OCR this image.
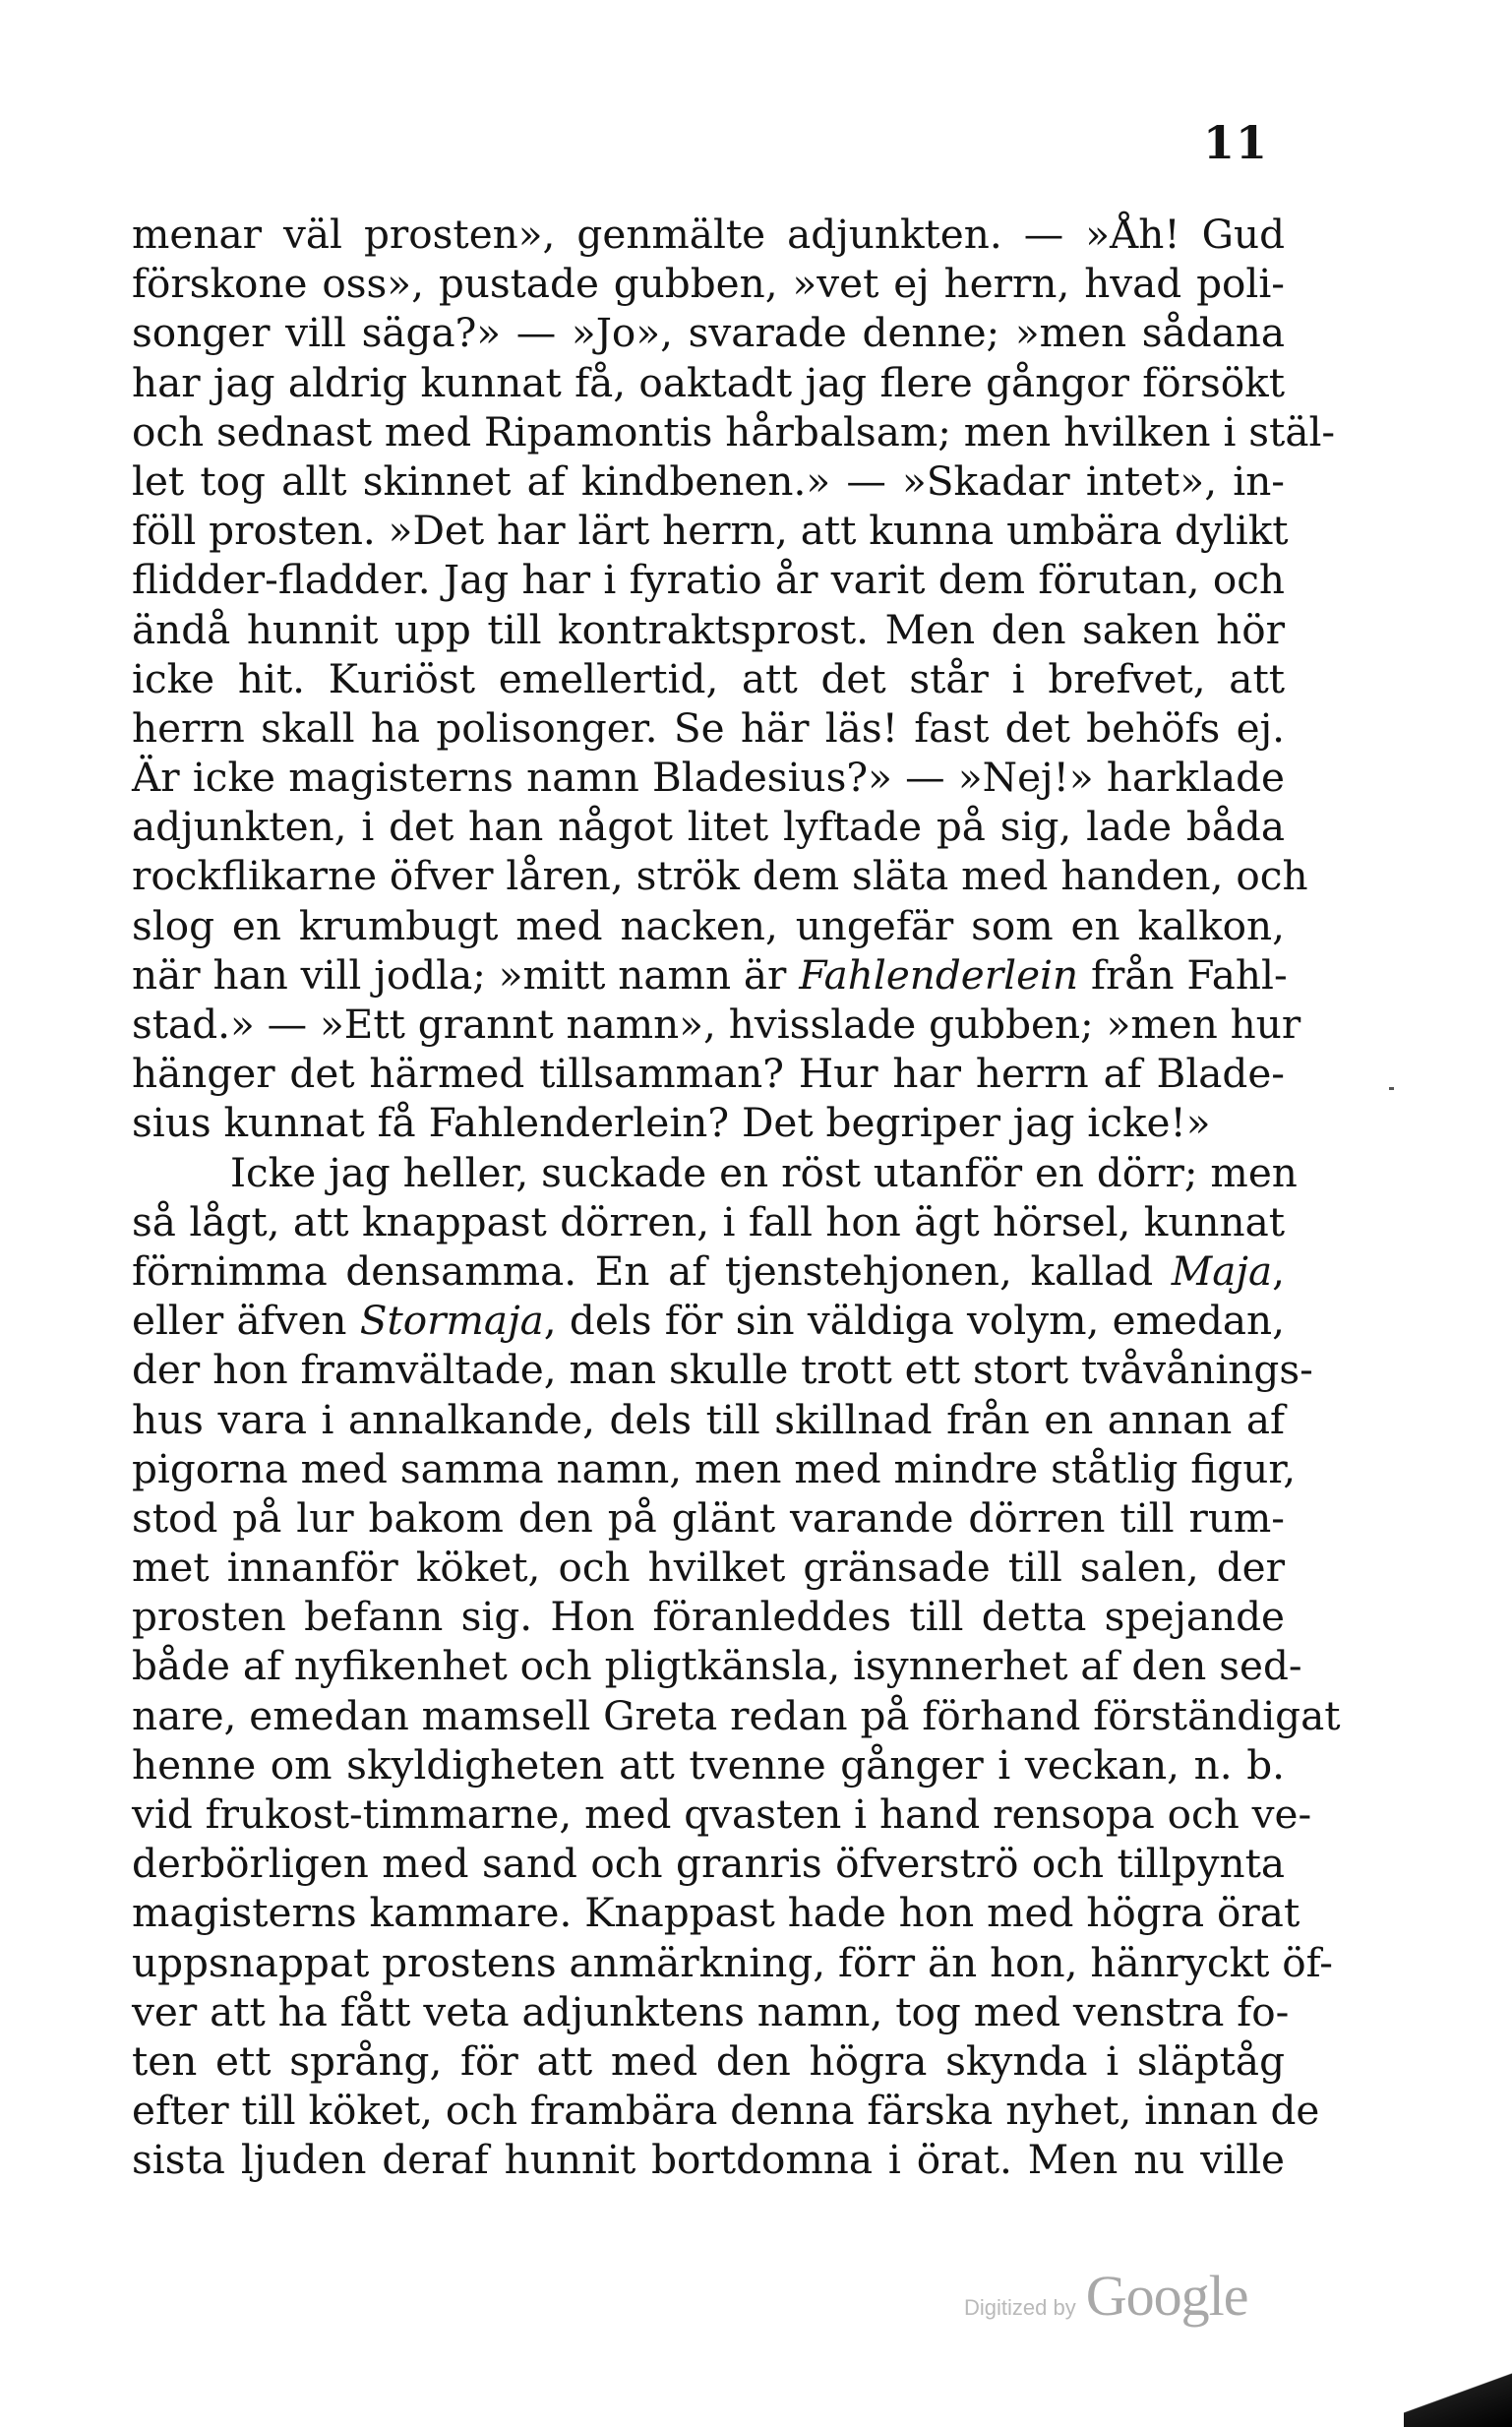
11

menar väl prosten», genmälte adjunkten. — »Åh! Gud
förskone oss», pustade gubben, »vet ej herrn, hvad poli-
songer vill säga?» — »Jo», svarade denne; »men sådana
har jag aldrig kunnat få, oaktadt jag flere gångor försökt
och sednast med Ripamontis hårbalsam; men hvilken i stäl-
let tog allt skinnet af kindbenen.» — »Skadar intet», in-
föll prosten. »Det har lärt herrn, att kunna umbära dylikt
flidder-fladder. Jag har i fyratio år varit dem förutan, och
ändå hunnit upp till kontraktsprost. Men den saken hör
icke hit. Kuriöst emellertid, att det står i brefvet, att
herrn skall ha polisonger. Se här läs! fast det behöfs ej.
Är icke magisterns namn Bladesius?» — »Nej!» harklade
adjunkten, i det han något litet lyftade på sig, lade båda
rockflikarne öfver låren, strök dem släta med handen, och
slog en krumbugt med nacken, ungefär som en kalkon,
när han vill jodla; »mitt namn är Fahlenderlein från Fahl-
stad.» — »Ett grannt namn», hvisslade gubben; »men hur
hänger det härmed tillsamman? Hur har herrn af Blade-
sius kunnat få Fahlenderlein? Det begriper jag icke!»
Icke jag heller, suckade en röst utanför en dörr; men
så lågt, att knappast dörren, i fall hon ägt hörsel, kunnat
förnimma densamma. En af tjenstehjonen, kallad Maja,
eller äfven Stormaja, dels för sin väldiga volym, emedan,
der hon framvältade, man skulle trott ett stort tvåvånings-
hus vara i annalkande, dels till skillnad från en annan af
pigorna med samma namn, men med mindre ståtlig figur,
stod på lur bakom den på glänt varande dörren till rum-
met innanför köket, och hvilket gränsade till salen, der
prosten befann sig. Hon föranleddes till detta spejande
både af nyfikenhet och pligtkänsla, isynnerhet af den sed-
nare, emedan mamsell Greta redan på förhand förständigat
henne om skyldigheten att tvenne gånger i veckan, n. b.
vid frukost-timmarne, med qvasten i hand rensopa och ve-
derbörligen med sand och granris öfverströ och tillpynta
magisterns kammare. Knappast hade hon med högra örat
uppsnappat prostens anmärkning, förr än hon, hänryckt öf-
ver att ha fått veta adjunktens namn, tog med venstra fo-
ten ett språng, för att med den högra skynda i släptåg
efter till köket, och frambära denna färska nyhet, innan de
sista ljuden deraf hunnit bortdomna i örat. Men nu ville
Digitized by Google
